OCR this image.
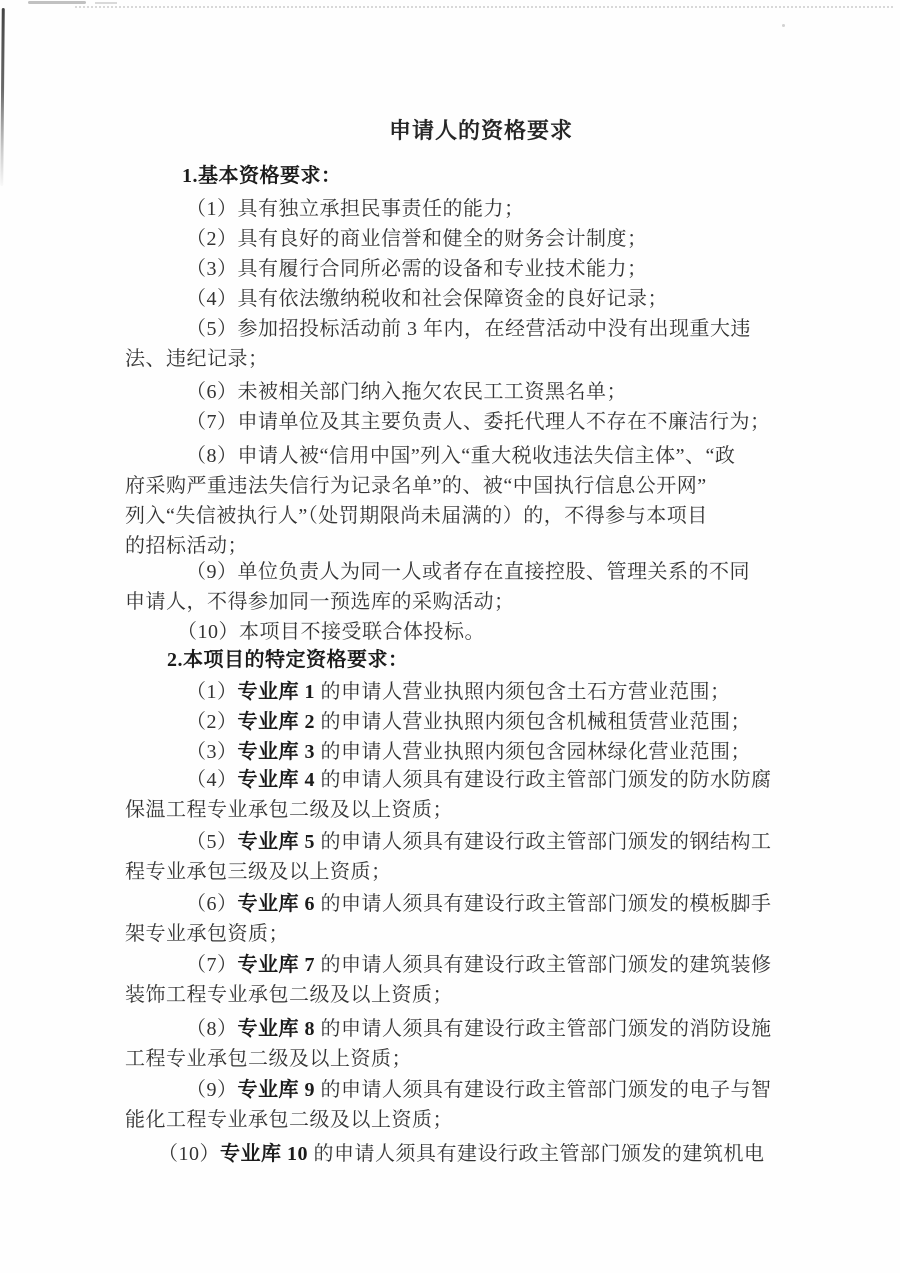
申请人的资格要求
1.基本资格要求：
（1）具有独立承担民事责任的能力；
（2）具有良好的商业信誉和健全的财务会计制度；
（3）具有履行合同所必需的设备和专业技术能力；
（4）具有依法缴纳税收和社会保障资金的良好记录；
（5）参加招投标活动前 3 年内，在经营活动中没有出现重大违
法、违纪记录；
（6）未被相关部门纳入拖欠农民工工资黑名单；
（7）申请单位及其主要负责人、委托代理人不存在不廉洁行为；
（8）申请人被“信用中国”列入“重大税收违法失信主体”、“政
府采购严重违法失信行为记录名单”的、被“中国执行信息公开网”
列入“失信被执行人”（处罚期限尚未届满的）的，不得参与本项目
的招标活动；
（9）单位负责人为同一人或者存在直接控股、管理关系的不同
申请人，不得参加同一预选库的采购活动；
（10）本项目不接受联合体投标。
2.本项目的特定资格要求：
（1）专业库 1 的申请人营业执照内须包含土石方营业范围；
（2）专业库 2 的申请人营业执照内须包含机械租赁营业范围；
（3）专业库 3 的申请人营业执照内须包含园林绿化营业范围；
（4）专业库 4 的申请人须具有建设行政主管部门颁发的防水防腐
保温工程专业承包二级及以上资质；
（5）专业库 5 的申请人须具有建设行政主管部门颁发的钢结构工
程专业承包三级及以上资质；
（6）专业库 6 的申请人须具有建设行政主管部门颁发的模板脚手
架专业承包资质；
（7）专业库 7 的申请人须具有建设行政主管部门颁发的建筑装修
装饰工程专业承包二级及以上资质；
（8）专业库 8 的申请人须具有建设行政主管部门颁发的消防设施
工程专业承包二级及以上资质；
（9）专业库 9 的申请人须具有建设行政主管部门颁发的电子与智
能化工程专业承包二级及以上资质；
（10）专业库 10 的申请人须具有建设行政主管部门颁发的建筑机电
